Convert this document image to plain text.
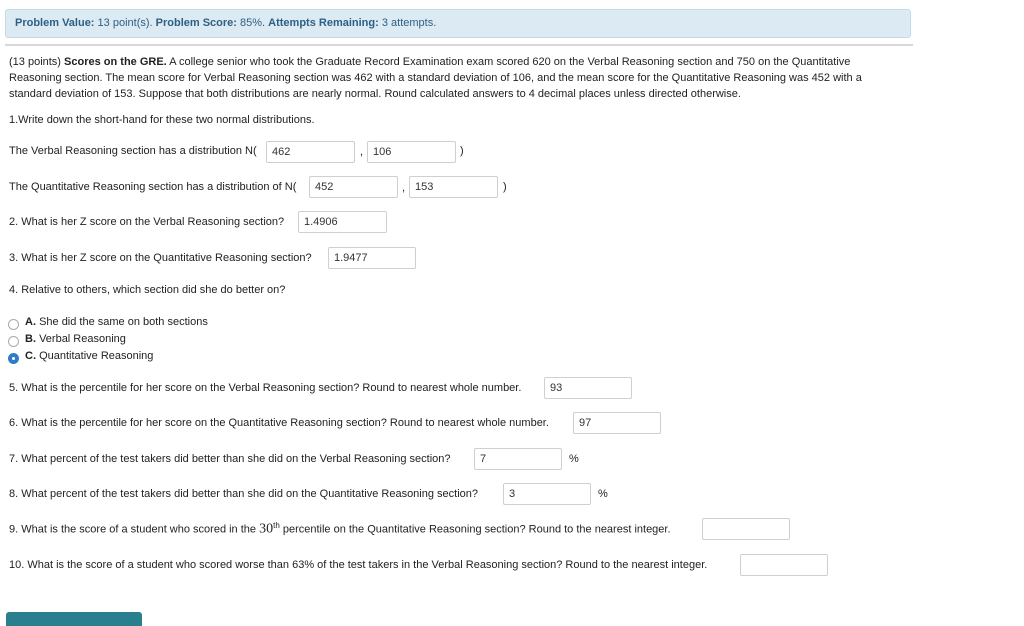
Problem Value: 13 point(s). Problem Score: 85%. Attempts Remaining: 3 attempts.
(13 points) Scores on the GRE. A college senior who took the Graduate Record Examination exam scored 620 on the Verbal Reasoning section and 750 on the Quantitative Reasoning section. The mean score for Verbal Reasoning section was 462 with a standard deviation of 106, and the mean score for the Quantitative Reasoning was 452 with a standard deviation of 153. Suppose that both distributions are nearly normal. Round calculated answers to 4 decimal places unless directed otherwise.
1.Write down the short-hand for these two normal distributions.
The Verbal Reasoning section has a distribution N(
462	,
106	)
The Quantitative Reasoning section has a distribution of N(
452	,
153	)
2. What is her Z score on the Verbal Reasoning section?
1.4906
3. What is her Z score on the Quantitative Reasoning section?
1.9477
4. Relative to others, which section did she do better on?
A. She did the same on both sections
B. Verbal Reasoning
C. Quantitative Reasoning
5. What is the percentile for her score on the Verbal Reasoning section? Round to nearest whole number.
93
6. What is the percentile for her score on the Quantitative Reasoning section? Round to nearest whole number.
97
7. What percent of the test takers did better than she did on the Verbal Reasoning section?
7	%
8. What percent of the test takers did better than she did on the Quantitative Reasoning section?
3	%
9. What is the score of a student who scored in the 30th percentile on the Quantitative Reasoning section? Round to the nearest integer.
10. What is the score of a student who scored worse than 63% of the test takers in the Verbal Reasoning section? Round to the nearest integer.
